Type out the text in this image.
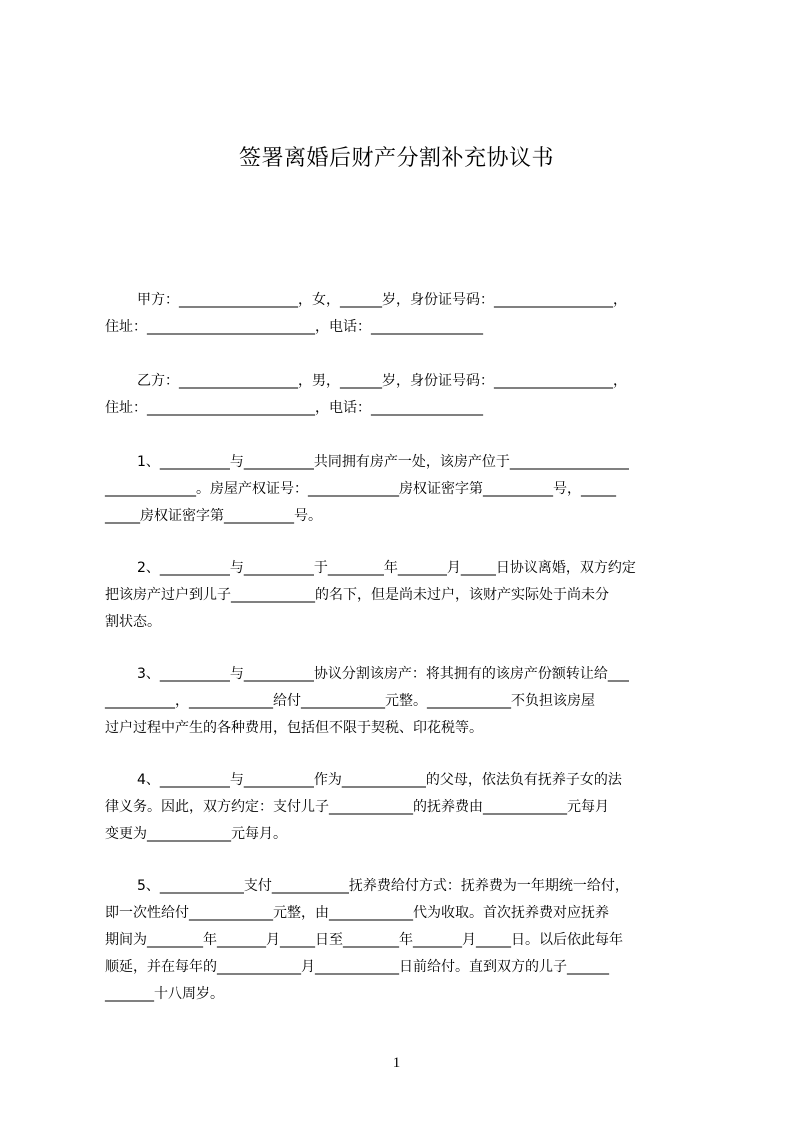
签署离婚后财产分割补充协议书
甲方：_________________，女，______岁，身份证号码：_________________，
住址：________________________，电话：________________
乙方：_________________，男，______岁，身份证号码：_________________，
住址：________________________，电话：________________
1、__________与__________共同拥有房产一处，该房产位于_________________
_____________。房屋产权证号：_____________房权证密字第__________号，_____
_____房权证密字第__________号。
2、__________与__________于________年_______月_____日协议离婚，双方约定
把该房产过户到儿子____________的名下，但是尚未过户，该财产实际处于尚未分
割状态。
3、__________与__________协议分割该房产：将其拥有的该房产份额转让给___
__________，____________给付____________元整。____________不负担该房屋
过户过程中产生的各种费用，包括但不限于契税、印花税等。
4、__________与__________作为____________的父母，依法负有抚养子女的法
律义务。因此，双方约定：支付儿子____________的抚养费由____________元每月
变更为____________元每月。
5、____________支付___________抚养费给付方式：抚养费为一年期统一给付，
即一次性给付____________元整，由____________代为收取。首次抚养费对应抚养
期间为________年_______月_____日至________年_______月_____日。以后依此每年
顺延，并在每年的____________月____________日前给付。直到双方的儿子______
_______十八周岁。
1
